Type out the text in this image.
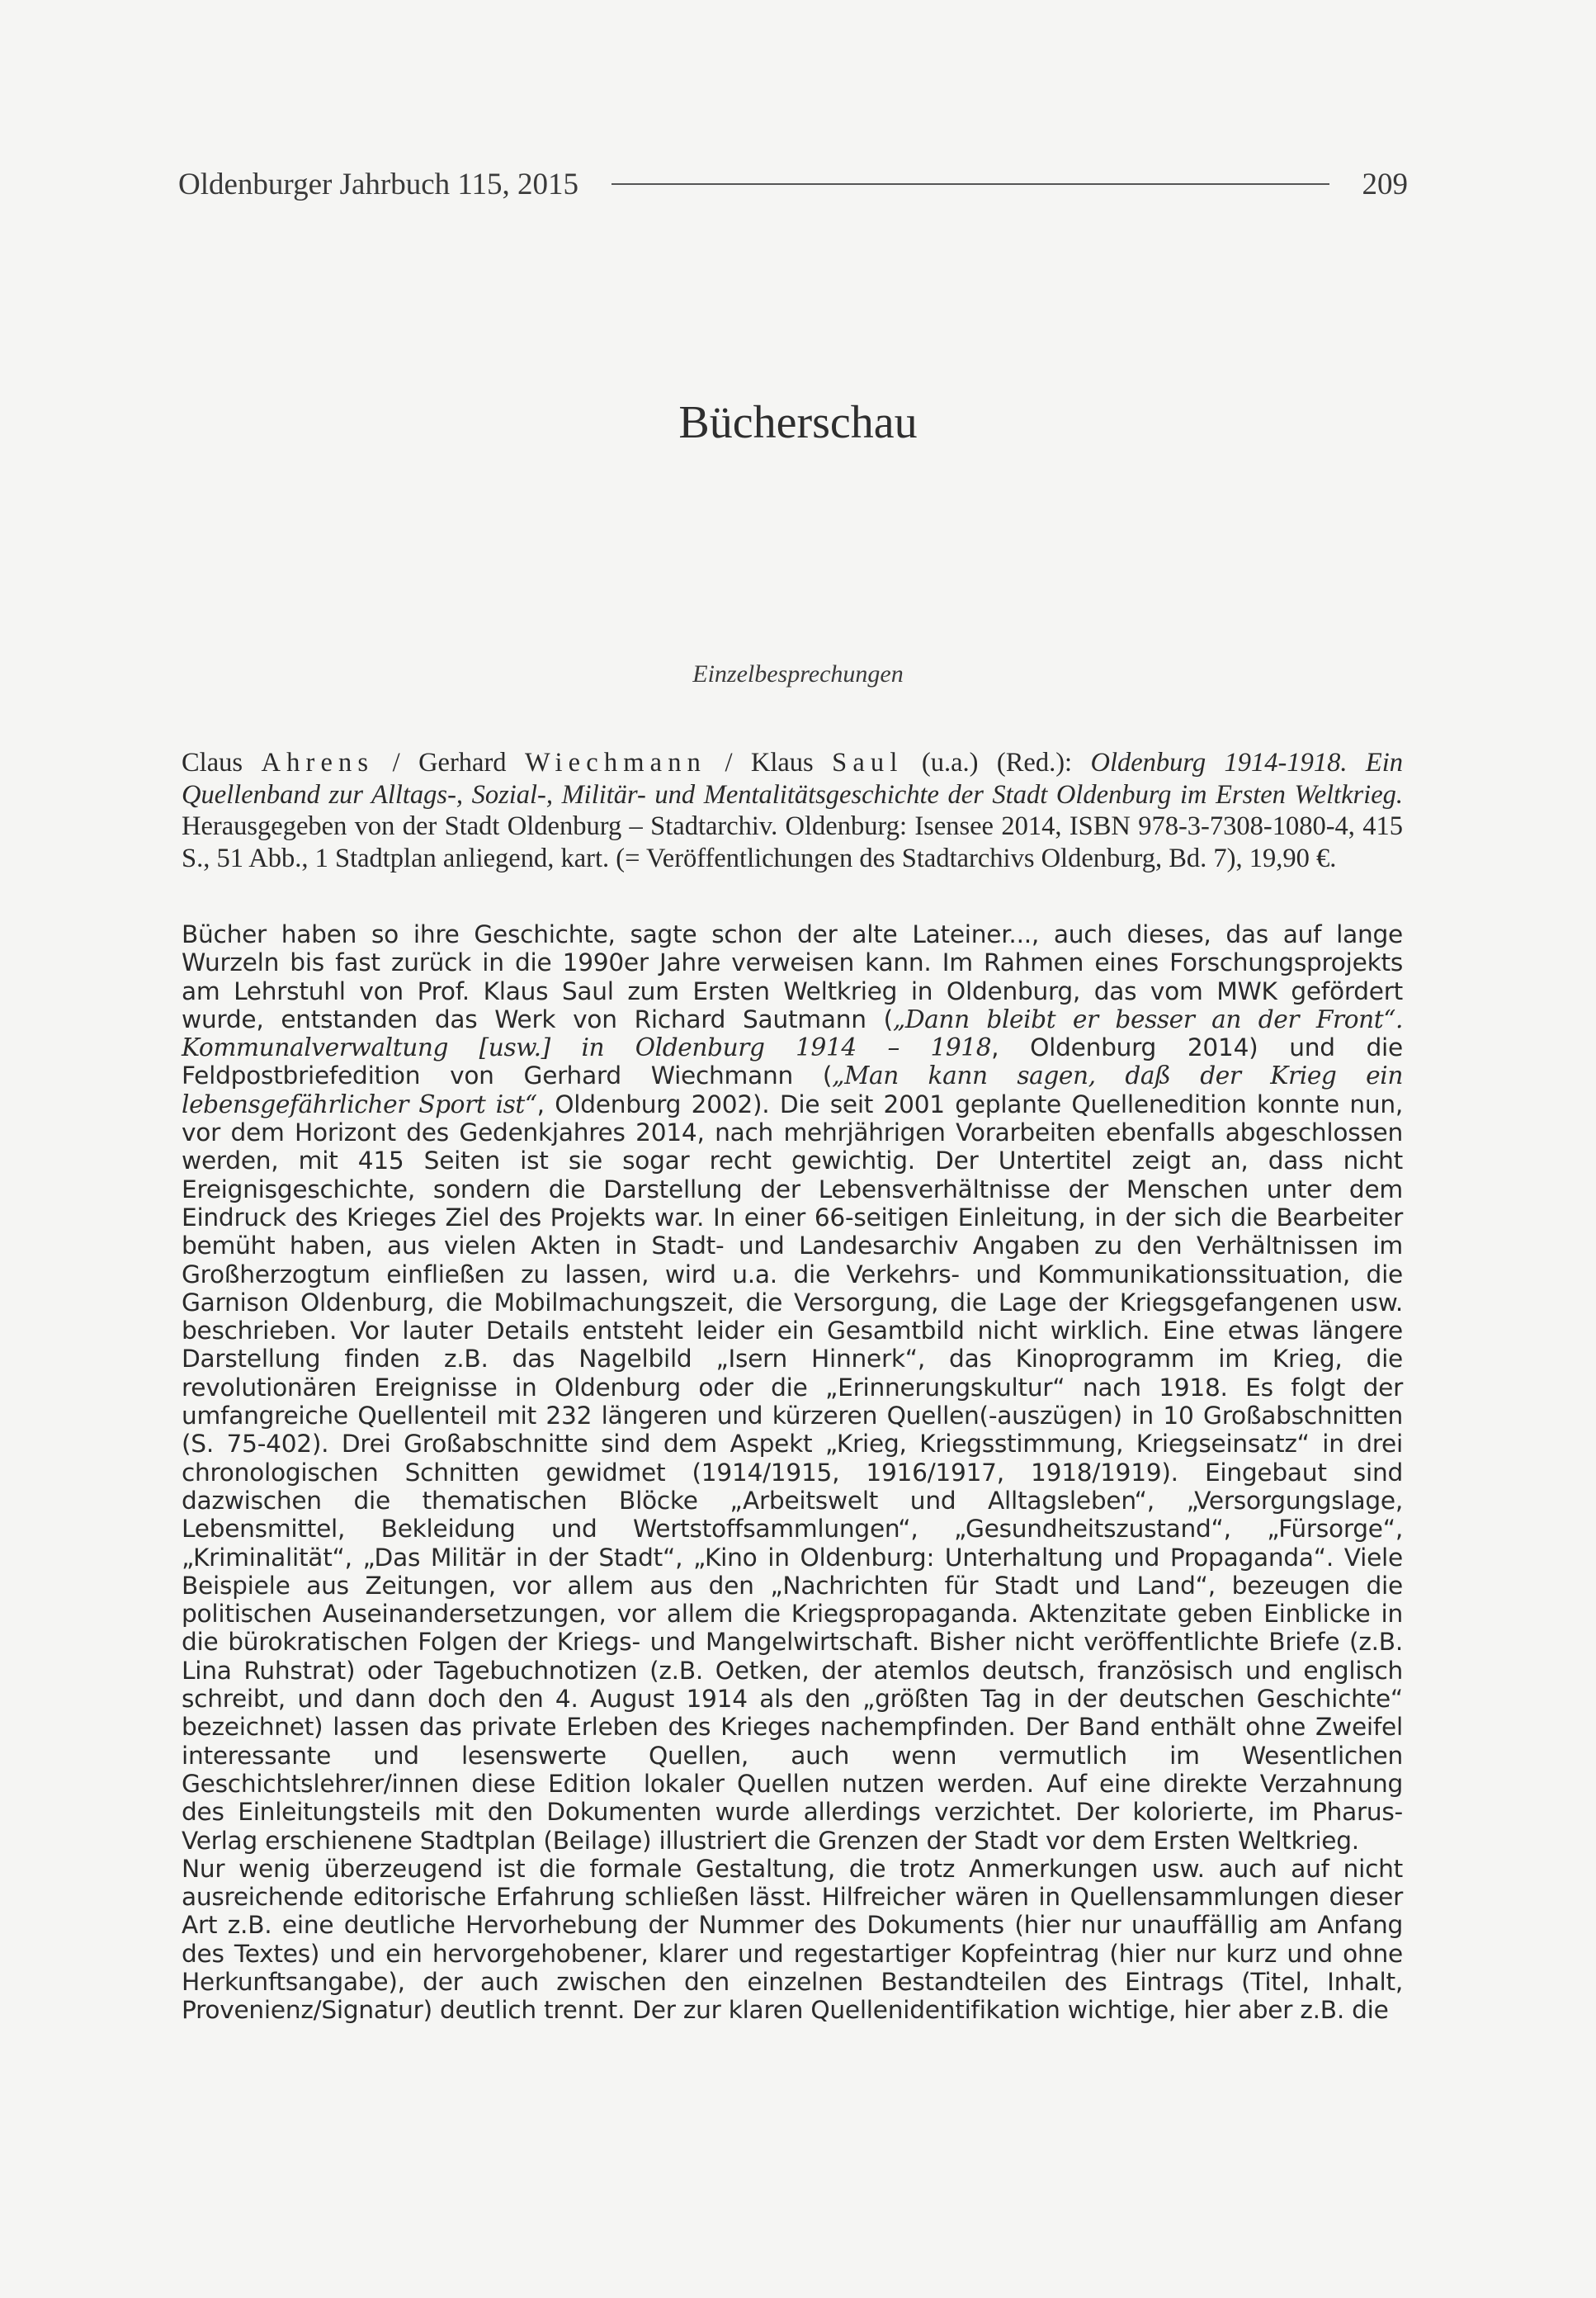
Oldenburger Jahrbuch 115, 2015	209
Bücherschau
Einzelbesprechungen
Claus Ahrens / Gerhard Wiechmann / Klaus Saul (u.a.) (Red.): Oldenburg 1914-1918. Ein Quellenband zur Alltags-, Sozial-, Militär- und Mentalitätsgeschichte der Stadt Oldenburg im Ersten Weltkrieg. Herausgegeben von der Stadt Oldenburg – Stadtarchiv. Oldenburg: Isensee 2014, ISBN 978-3-7308-1080-4, 415 S., 51 Abb., 1 Stadtplan anliegend, kart. (= Veröffentlichungen des Stadtarchivs Oldenburg, Bd. 7), 19,90 €.

Bücher haben so ihre Geschichte, sagte schon der alte Lateiner..., auch dieses, das auf lange Wurzeln bis fast zurück in die 1990er Jahre verweisen kann. Im Rahmen eines Forschungsprojekts am Lehrstuhl von Prof. Klaus Saul zum Ersten Weltkrieg in Oldenburg, das vom MWK gefördert wurde, entstanden das Werk von Richard Sautmann („Dann bleibt er besser an der Front“. Kommunalverwaltung [usw.] in Oldenburg 1914 – 1918, Oldenburg 2014) und die Feldpostbriefedition von Gerhard Wiechmann („Man kann sagen, daß der Krieg ein lebensgefährlicher Sport ist“, Oldenburg 2002). Die seit 2001 geplante Quellenedition konnte nun, vor dem Horizont des Gedenkjahres 2014, nach mehrjährigen Vorarbeiten ebenfalls abgeschlossen werden, mit 415 Seiten ist sie sogar recht gewichtig. Der Untertitel zeigt an, dass nicht Ereignisgeschichte, sondern die Darstellung der Lebensverhältnisse der Menschen unter dem Eindruck des Krieges Ziel des Projekts war. In einer 66-seitigen Einleitung, in der sich die Bearbeiter bemüht haben, aus vielen Akten in Stadt- und Landesarchiv Angaben zu den Verhältnissen im Großherzogtum einfließen zu lassen, wird u.a. die Verkehrs- und Kommunikationssituation, die Garnison Oldenburg, die Mobilmachungszeit, die Versorgung, die Lage der Kriegsgefangenen usw. beschrieben. Vor lauter Details entsteht leider ein Gesamtbild nicht wirklich. Eine etwas längere Darstellung finden z.B. das Nagelbild „Isern Hinnerk“, das Kinoprogramm im Krieg, die revolutionären Ereignisse in Oldenburg oder die „Erinnerungskultur“ nach 1918. Es folgt der umfangreiche Quellenteil mit 232 längeren und kürzeren Quellen(-auszügen) in 10 Großabschnitten (S. 75-402). Drei Großabschnitte sind dem Aspekt „Krieg, Kriegsstimmung, Kriegseinsatz“ in drei chronologischen Schnitten gewidmet (1914/1915, 1916/1917, 1918/1919). Eingebaut sind dazwischen die thematischen Blöcke „Arbeitswelt und Alltagsleben“, „Versorgungslage, Lebensmittel, Bekleidung und Wertstoffsammlungen“, „Gesundheitszustand“, „Fürsorge“, „Kriminalität“, „Das Militär in der Stadt“, „Kino in Oldenburg: Unterhaltung und Propaganda“. Viele Beispiele aus Zeitungen, vor allem aus den „Nachrichten für Stadt und Land“, bezeugen die politischen Auseinandersetzungen, vor allem die Kriegspropaganda. Aktenzitate geben Einblicke in die bürokratischen Folgen der Kriegs- und Mangelwirtschaft. Bisher nicht veröffentlichte Briefe (z.B. Lina Ruhstrat) oder Tagebuchnotizen (z.B. Oetken, der atemlos deutsch, französisch und englisch schreibt, und dann doch den 4. August 1914 als den „größten Tag in der deutschen Geschichte“ bezeichnet) lassen das private Erleben des Krieges nachempfinden. Der Band enthält ohne Zweifel interessante und lesenswerte Quellen, auch wenn vermutlich im Wesentlichen Geschichtslehrer/innen diese Edition lokaler Quellen nutzen werden. Auf eine direkte Verzahnung des Einleitungsteils mit den Dokumenten wurde allerdings verzichtet. Der kolorierte, im Pharus-Verlag erschienene Stadtplan (Beilage) illustriert die Grenzen der Stadt vor dem Ersten Weltkrieg.

Nur wenig überzeugend ist die formale Gestaltung, die trotz Anmerkungen usw. auch auf nicht ausreichende editorische Erfahrung schließen lässt. Hilfreicher wären in Quellensammlungen dieser Art z.B. eine deutliche Hervorhebung der Nummer des Dokuments (hier nur unauffällig am Anfang des Textes) und ein hervorgehobener, klarer und regestartiger Kopfeintrag (hier nur kurz und ohne Herkunftsangabe), der auch zwischen den einzelnen Bestandteilen des Eintrags (Titel, Inhalt, Provenienz/Signatur) deutlich trennt. Der zur klaren Quellenidentifikation wichtige, hier aber z.B. die
